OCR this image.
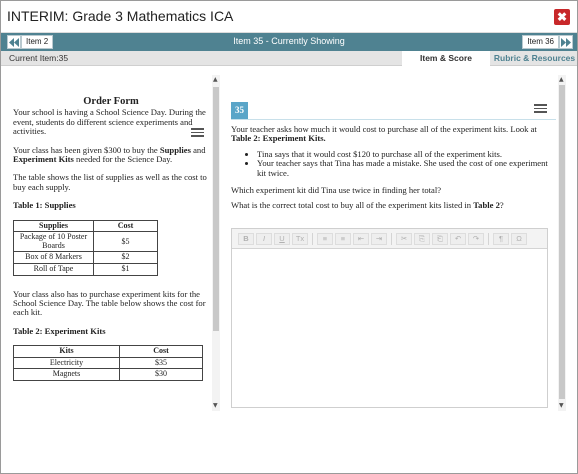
INTERIM: Grade 3 Mathematics ICA	✖
Item 2	Item 35 - Currently Showing	Item 36
Current Item:35	Item & Score	Rubric & Resources
Order Form

Your school is having a School Science Day. During the event, students do different science experiments and activities.

Your class has been given $300 to buy the Supplies and Experiment Kits needed for the Science Day.

The table shows the list of supplies as well as the cost to buy each supply.

Table 1: Supplies
Supplies	Cost
Package of 10 Poster Boards	$5
Box of 8 Markers	$2
Roll of Tape	$1

Your class also has to purchase experiment kits for the School Science Day. The table below shows the cost for each kit.

Table 2: Experiment Kits
Kits	Cost
Electricity	$35
Magnets	$30
▲
▼
35

Your teacher asks how much it would cost to purchase all of the experiment kits. Look at Table 2: Experiment Kits.

• Tina says that it would cost $120 to purchase all of the experiment kits.
• Your teacher says that Tina has made a mistake. She used the cost of one experiment kit twice.

Which experiment kit did Tina use twice in finding her total?

What is the correct total cost to buy all of the experiment kits listed in Table 2?

B	I	U	Tx	≡	≡	⇤	⇥	✂	⎘	⎗	↶	↷	¶	Ω
▲
▼
